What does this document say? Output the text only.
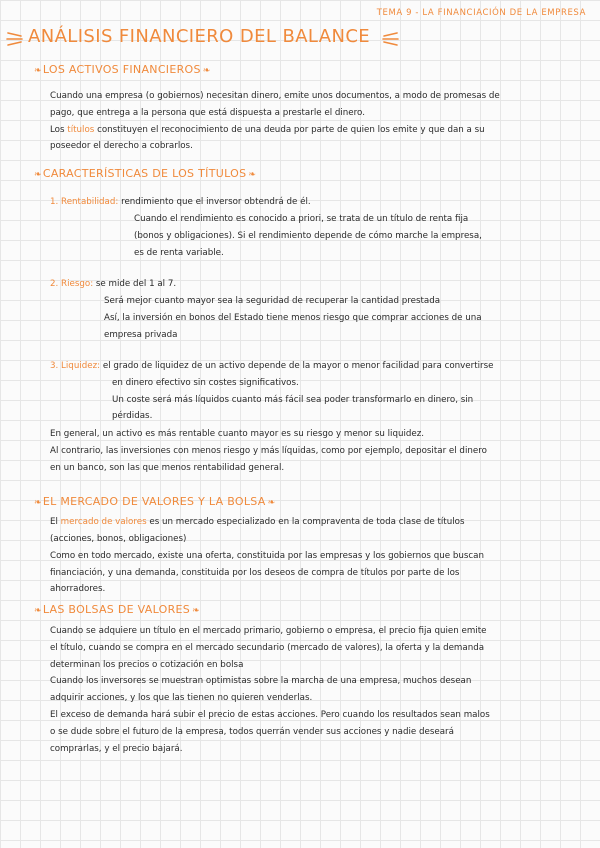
TEMA 9 - LA FINANCIACIÓN DE LA EMPRESA
ANÁLISIS FINANCIERO DEL BALANCE
❧LOS ACTIVOS FINANCIEROS ❧
Cuando una empresa (o gobiernos) necesitan dinero, emite unos documentos, a modo de promesas de
pago, que entrega a la persona que está dispuesta a prestarle el dinero.
Los títulos constituyen el reconocimiento de una deuda por parte de quien los emite y que dan a su
poseedor el derecho a cobrarlos.
❧CARACTERÍSTICAS DE LOS TÍTULOS ❧
1. Rentabilidad: rendimiento que el inversor obtendrá de él.
Cuando el rendimiento es conocido a priori, se trata de un título de renta fija
(bonos y obligaciones). Si el rendimiento depende de cómo marche la empresa,
es de renta variable.
2. Riesgo: se mide del 1 al 7.
Será mejor cuanto mayor sea la seguridad de recuperar la cantidad prestada
Así, la inversión en bonos del Estado tiene menos riesgo que comprar acciones de una
empresa privada
3. Liquidez: el grado de liquidez de un activo depende de la mayor o menor facilidad para convertirse
en dinero efectivo sin costes significativos.
Un coste será más líquidos cuanto más fácil sea poder transformarlo en dinero, sin
pérdidas.
En general, un activo es más rentable cuanto mayor es su riesgo y menor su liquidez.
Al contrario, las inversiones con menos riesgo y más líquidas, como por ejemplo, depositar el dinero
en un banco, son las que menos rentabilidad general.
❧EL MERCADO DE VALORES Y LA BOLSA ❧
El mercado de valores es un mercado especializado en la compraventa de toda clase de títulos
(acciones, bonos, obligaciones)
Como en todo mercado, existe una oferta, constituida por las empresas y los gobiernos que buscan
financiación, y una demanda, constituida por los deseos de compra de títulos por parte de los
ahorradores.
❧LAS BOLSAS DE VALORES ❧
Cuando se adquiere un título en el mercado primario, gobierno o empresa, el precio fija quien emite
el título, cuando se compra en el mercado secundario (mercado de valores), la oferta y la demanda
determinan los precios o cotización en bolsa
Cuando los inversores se muestran optimistas sobre la marcha de una empresa, muchos desean
adquirir acciones, y los que las tienen no quieren venderlas.
El exceso de demanda hará subir el precio de estas acciones. Pero cuando los resultados sean malos
o se dude sobre el futuro de la empresa, todos querrán vender sus acciones y nadie deseará
comprarlas, y el precio bajará.
